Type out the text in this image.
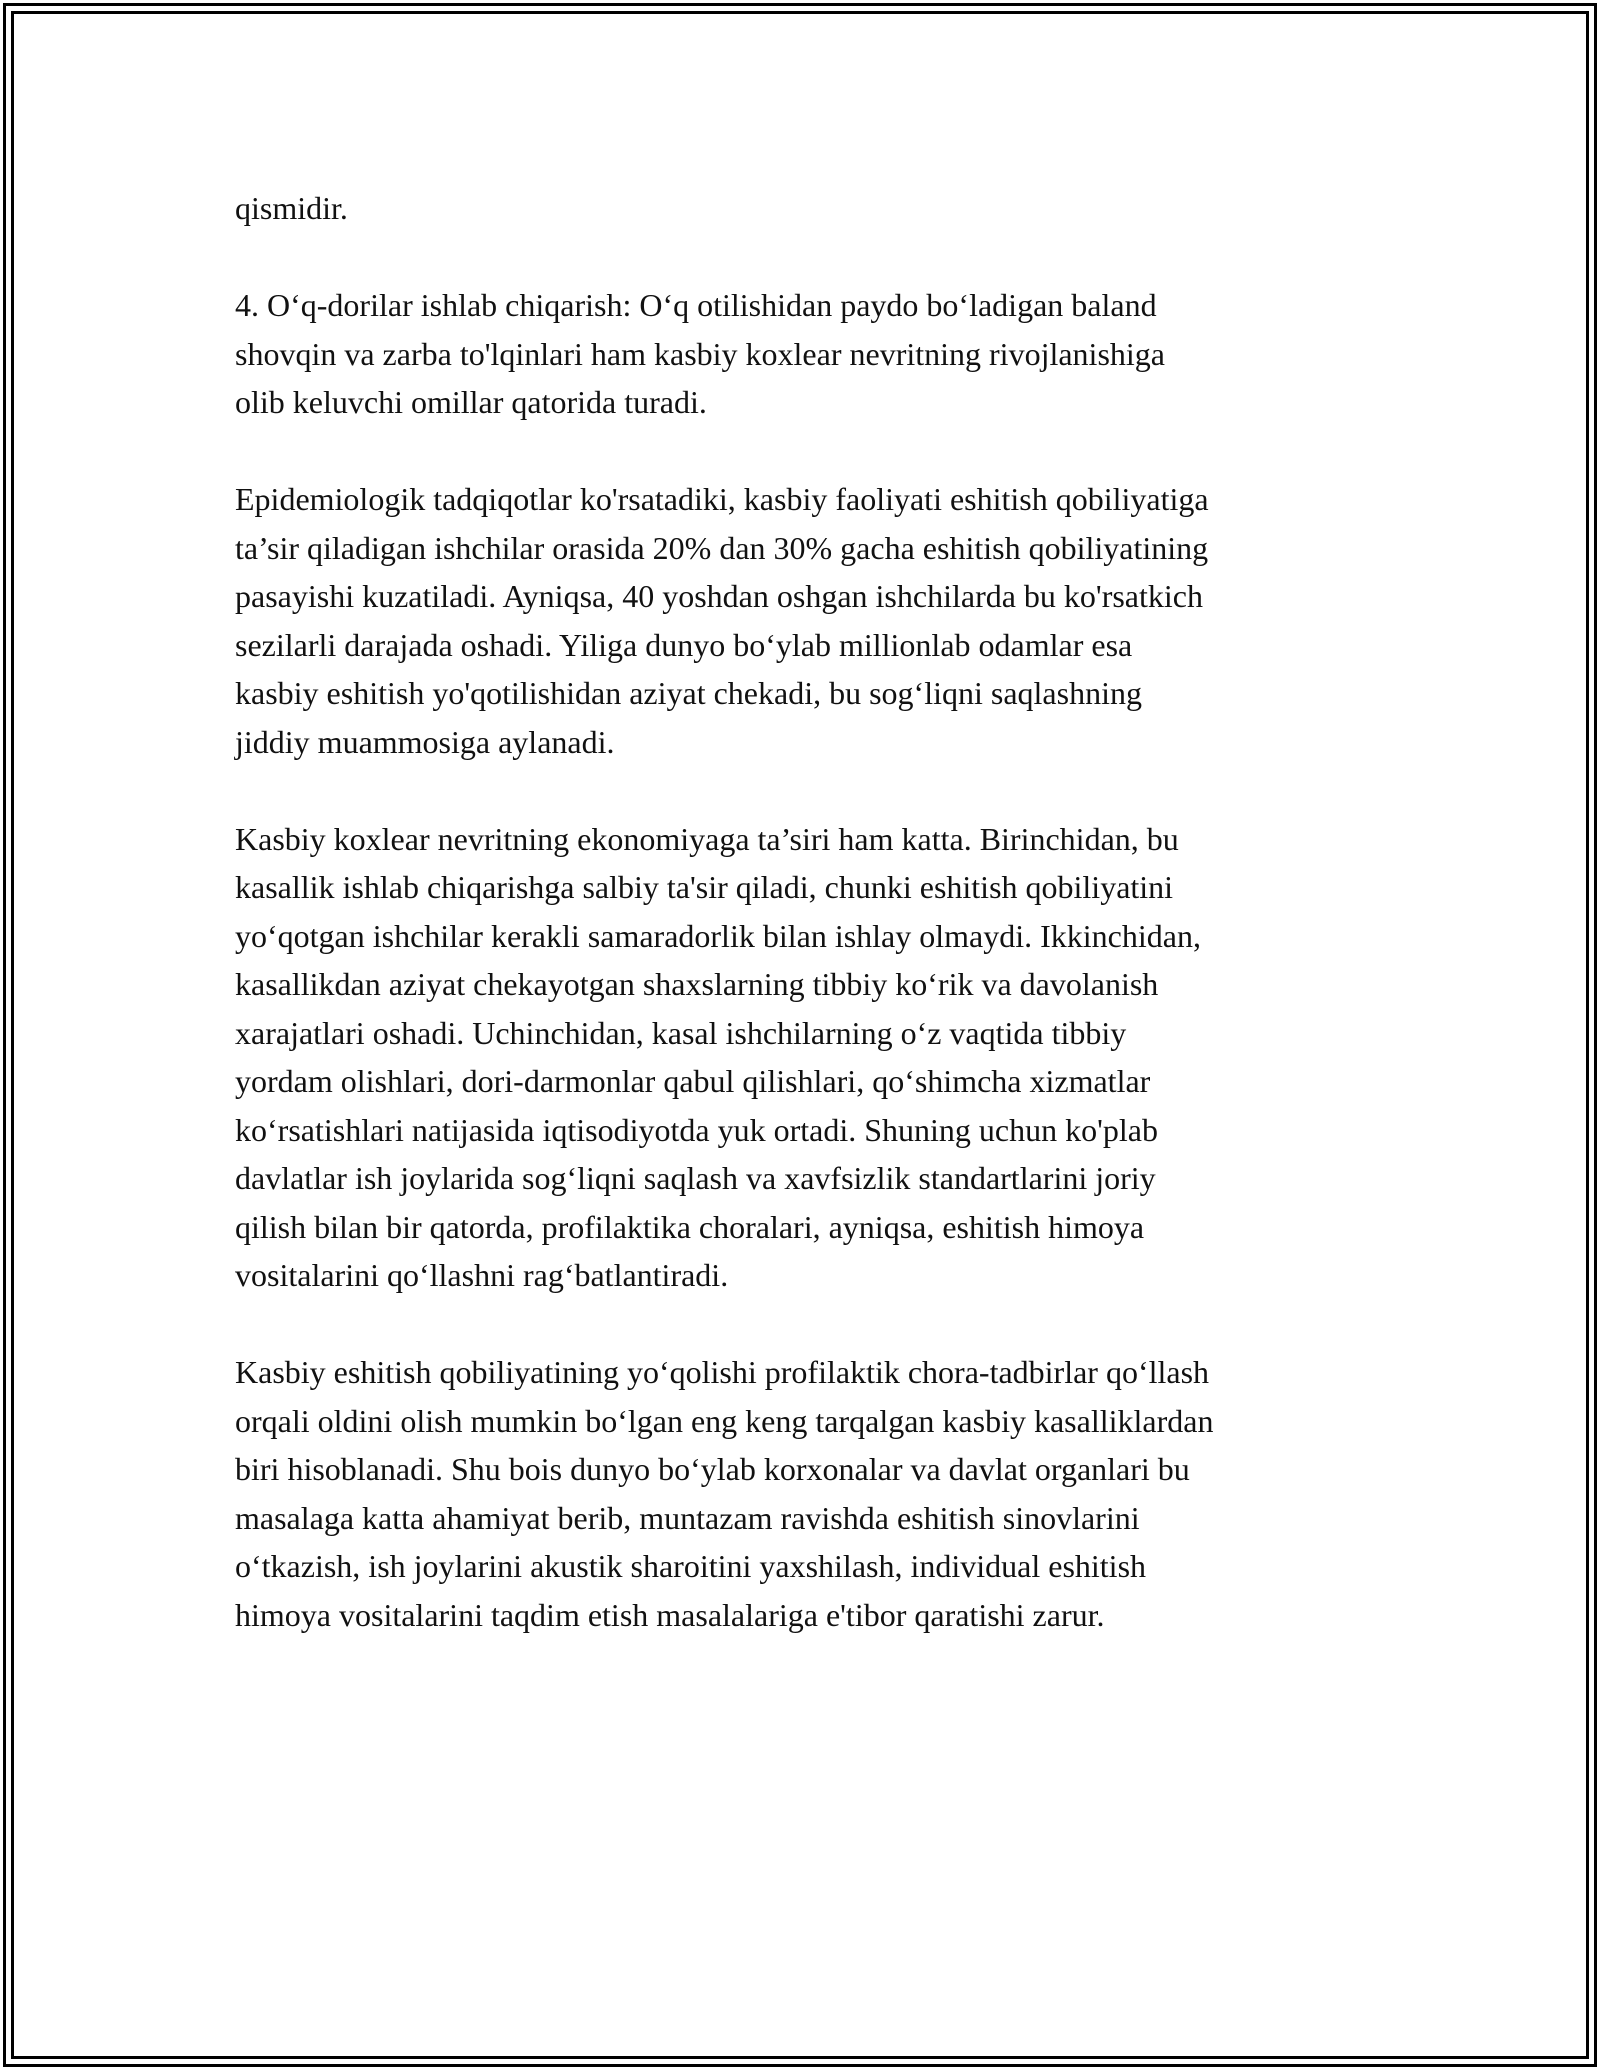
qismidir.

4. O‘q-dorilar ishlab chiqarish: O‘q otilishidan paydo bo‘ladigan baland
shovqin va zarba to'lqinlari ham kasbiy koxlear nevritning rivojlanishiga
olib keluvchi omillar qatorida turadi.

Epidemiologik tadqiqotlar ko'rsatadiki, kasbiy faoliyati eshitish qobiliyatiga
ta’sir qiladigan ishchilar orasida 20% dan 30% gacha eshitish qobiliyatining
pasayishi kuzatiladi. Ayniqsa, 40 yoshdan oshgan ishchilarda bu ko'rsatkich
sezilarli darajada oshadi. Yiliga dunyo bo‘ylab millionlab odamlar esa
kasbiy eshitish yo'qotilishidan aziyat chekadi, bu sog‘liqni saqlashning
jiddiy muammosiga aylanadi.

Kasbiy koxlear nevritning ekonomiyaga ta’siri ham katta. Birinchidan, bu
kasallik ishlab chiqarishga salbiy ta'sir qiladi, chunki eshitish qobiliyatini
yo‘qotgan ishchilar kerakli samaradorlik bilan ishlay olmaydi. Ikkinchidan,
kasallikdan aziyat chekayotgan shaxslarning tibbiy ko‘rik va davolanish
xarajatlari oshadi. Uchinchidan, kasal ishchilarning o‘z vaqtida tibbiy
yordam olishlari, dori-darmonlar qabul qilishlari, qo‘shimcha xizmatlar
ko‘rsatishlari natijasida iqtisodiyotda yuk ortadi. Shuning uchun ko'plab
davlatlar ish joylarida sog‘liqni saqlash va xavfsizlik standartlarini joriy
qilish bilan bir qatorda, profilaktika choralari, ayniqsa, eshitish himoya
vositalarini qo‘llashni rag‘batlantiradi.

Kasbiy eshitish qobiliyatining yo‘qolishi profilaktik chora-tadbirlar qo‘llash
orqali oldini olish mumkin bo‘lgan eng keng tarqalgan kasbiy kasalliklardan
biri hisoblanadi. Shu bois dunyo bo‘ylab korxonalar va davlat organlari bu
masalaga katta ahamiyat berib, muntazam ravishda eshitish sinovlarini
o‘tkazish, ish joylarini akustik sharoitini yaxshilash, individual eshitish
himoya vositalarini taqdim etish masalalariga e'tibor qaratishi zarur.
